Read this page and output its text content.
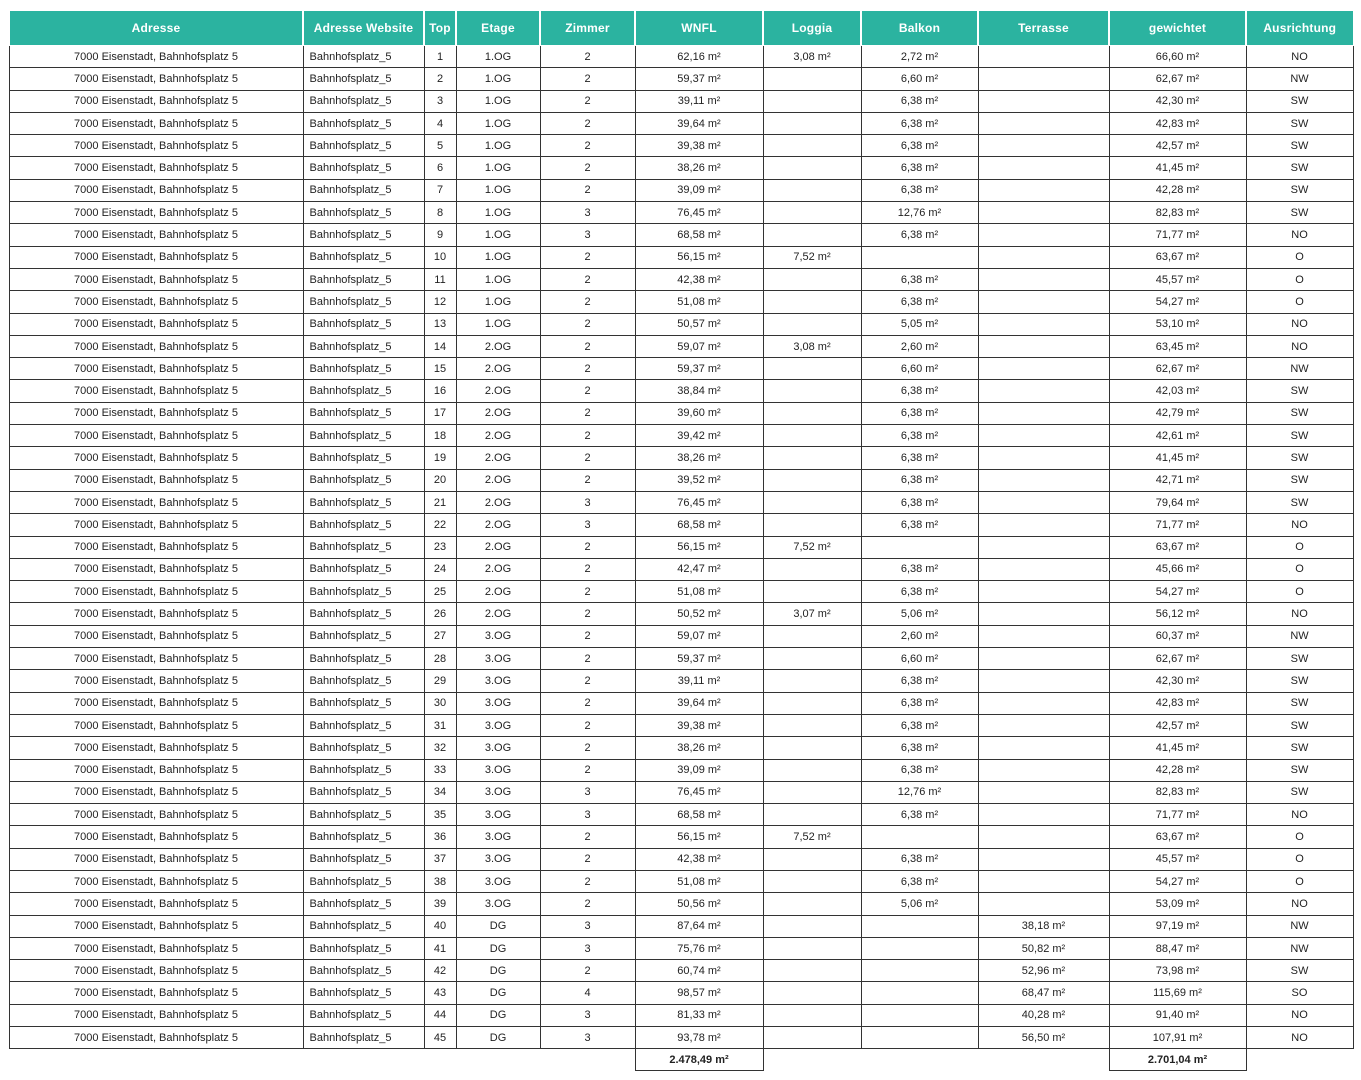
Adresse	Adresse Website	Top	Etage	Zimmer	WNFL	Loggia	Balkon	Terrasse	gewichtet	Ausrichtung
7000 Eisenstadt, Bahnhofsplatz 5	Bahnhofsplatz_5	1	1.OG	2	62,16 m²	3,08 m²	2,72 m²		66,60 m²	NO
7000 Eisenstadt, Bahnhofsplatz 5	Bahnhofsplatz_5	2	1.OG	2	59,37 m²		6,60 m²		62,67 m²	NW
7000 Eisenstadt, Bahnhofsplatz 5	Bahnhofsplatz_5	3	1.OG	2	39,11 m²		6,38 m²		42,30 m²	SW
7000 Eisenstadt, Bahnhofsplatz 5	Bahnhofsplatz_5	4	1.OG	2	39,64 m²		6,38 m²		42,83 m²	SW
7000 Eisenstadt, Bahnhofsplatz 5	Bahnhofsplatz_5	5	1.OG	2	39,38 m²		6,38 m²		42,57 m²	SW
7000 Eisenstadt, Bahnhofsplatz 5	Bahnhofsplatz_5	6	1.OG	2	38,26 m²		6,38 m²		41,45 m²	SW
7000 Eisenstadt, Bahnhofsplatz 5	Bahnhofsplatz_5	7	1.OG	2	39,09 m²		6,38 m²		42,28 m²	SW
7000 Eisenstadt, Bahnhofsplatz 5	Bahnhofsplatz_5	8	1.OG	3	76,45 m²		12,76 m²		82,83 m²	SW
7000 Eisenstadt, Bahnhofsplatz 5	Bahnhofsplatz_5	9	1.OG	3	68,58 m²		6,38 m²		71,77 m²	NO
7000 Eisenstadt, Bahnhofsplatz 5	Bahnhofsplatz_5	10	1.OG	2	56,15 m²	7,52 m²			63,67 m²	O
7000 Eisenstadt, Bahnhofsplatz 5	Bahnhofsplatz_5	11	1.OG	2	42,38 m²		6,38 m²		45,57 m²	O
7000 Eisenstadt, Bahnhofsplatz 5	Bahnhofsplatz_5	12	1.OG	2	51,08 m²		6,38 m²		54,27 m²	O
7000 Eisenstadt, Bahnhofsplatz 5	Bahnhofsplatz_5	13	1.OG	2	50,57 m²		5,05 m²		53,10 m²	NO
7000 Eisenstadt, Bahnhofsplatz 5	Bahnhofsplatz_5	14	2.OG	2	59,07 m²	3,08 m²	2,60 m²		63,45 m²	NO
7000 Eisenstadt, Bahnhofsplatz 5	Bahnhofsplatz_5	15	2.OG	2	59,37 m²		6,60 m²		62,67 m²	NW
7000 Eisenstadt, Bahnhofsplatz 5	Bahnhofsplatz_5	16	2.OG	2	38,84 m²		6,38 m²		42,03 m²	SW
7000 Eisenstadt, Bahnhofsplatz 5	Bahnhofsplatz_5	17	2.OG	2	39,60 m²		6,38 m²		42,79 m²	SW
7000 Eisenstadt, Bahnhofsplatz 5	Bahnhofsplatz_5	18	2.OG	2	39,42 m²		6,38 m²		42,61 m²	SW
7000 Eisenstadt, Bahnhofsplatz 5	Bahnhofsplatz_5	19	2.OG	2	38,26 m²		6,38 m²		41,45 m²	SW
7000 Eisenstadt, Bahnhofsplatz 5	Bahnhofsplatz_5	20	2.OG	2	39,52 m²		6,38 m²		42,71 m²	SW
7000 Eisenstadt, Bahnhofsplatz 5	Bahnhofsplatz_5	21	2.OG	3	76,45 m²		6,38 m²		79,64 m²	SW
7000 Eisenstadt, Bahnhofsplatz 5	Bahnhofsplatz_5	22	2.OG	3	68,58 m²		6,38 m²		71,77 m²	NO
7000 Eisenstadt, Bahnhofsplatz 5	Bahnhofsplatz_5	23	2.OG	2	56,15 m²	7,52 m²			63,67 m²	O
7000 Eisenstadt, Bahnhofsplatz 5	Bahnhofsplatz_5	24	2.OG	2	42,47 m²		6,38 m²		45,66 m²	O
7000 Eisenstadt, Bahnhofsplatz 5	Bahnhofsplatz_5	25	2.OG	2	51,08 m²		6,38 m²		54,27 m²	O
7000 Eisenstadt, Bahnhofsplatz 5	Bahnhofsplatz_5	26	2.OG	2	50,52 m²	3,07 m²	5,06 m²		56,12 m²	NO
7000 Eisenstadt, Bahnhofsplatz 5	Bahnhofsplatz_5	27	3.OG	2	59,07 m²		2,60 m²		60,37 m²	NW
7000 Eisenstadt, Bahnhofsplatz 5	Bahnhofsplatz_5	28	3.OG	2	59,37 m²		6,60 m²		62,67 m²	SW
7000 Eisenstadt, Bahnhofsplatz 5	Bahnhofsplatz_5	29	3.OG	2	39,11 m²		6,38 m²		42,30 m²	SW
7000 Eisenstadt, Bahnhofsplatz 5	Bahnhofsplatz_5	30	3.OG	2	39,64 m²		6,38 m²		42,83 m²	SW
7000 Eisenstadt, Bahnhofsplatz 5	Bahnhofsplatz_5	31	3.OG	2	39,38 m²		6,38 m²		42,57 m²	SW
7000 Eisenstadt, Bahnhofsplatz 5	Bahnhofsplatz_5	32	3.OG	2	38,26 m²		6,38 m²		41,45 m²	SW
7000 Eisenstadt, Bahnhofsplatz 5	Bahnhofsplatz_5	33	3.OG	2	39,09 m²		6,38 m²		42,28 m²	SW
7000 Eisenstadt, Bahnhofsplatz 5	Bahnhofsplatz_5	34	3.OG	3	76,45 m²		12,76 m²		82,83 m²	SW
7000 Eisenstadt, Bahnhofsplatz 5	Bahnhofsplatz_5	35	3.OG	3	68,58 m²		6,38 m²		71,77 m²	NO
7000 Eisenstadt, Bahnhofsplatz 5	Bahnhofsplatz_5	36	3.OG	2	56,15 m²	7,52 m²			63,67 m²	O
7000 Eisenstadt, Bahnhofsplatz 5	Bahnhofsplatz_5	37	3.OG	2	42,38 m²		6,38 m²		45,57 m²	O
7000 Eisenstadt, Bahnhofsplatz 5	Bahnhofsplatz_5	38	3.OG	2	51,08 m²		6,38 m²		54,27 m²	O
7000 Eisenstadt, Bahnhofsplatz 5	Bahnhofsplatz_5	39	3.OG	2	50,56 m²		5,06 m²		53,09 m²	NO
7000 Eisenstadt, Bahnhofsplatz 5	Bahnhofsplatz_5	40	DG	3	87,64 m²			38,18 m²	97,19 m²	NW
7000 Eisenstadt, Bahnhofsplatz 5	Bahnhofsplatz_5	41	DG	3	75,76 m²			50,82 m²	88,47 m²	NW
7000 Eisenstadt, Bahnhofsplatz 5	Bahnhofsplatz_5	42	DG	2	60,74 m²			52,96 m²	73,98 m²	SW
7000 Eisenstadt, Bahnhofsplatz 5	Bahnhofsplatz_5	43	DG	4	98,57 m²			68,47 m²	115,69 m²	SO
7000 Eisenstadt, Bahnhofsplatz 5	Bahnhofsplatz_5	44	DG	3	81,33 m²			40,28 m²	91,40 m²	NO
7000 Eisenstadt, Bahnhofsplatz 5	Bahnhofsplatz_5	45	DG	3	93,78 m²			56,50 m²	107,91 m²	NO
					2.478,49 m²				2.701,04 m²	
